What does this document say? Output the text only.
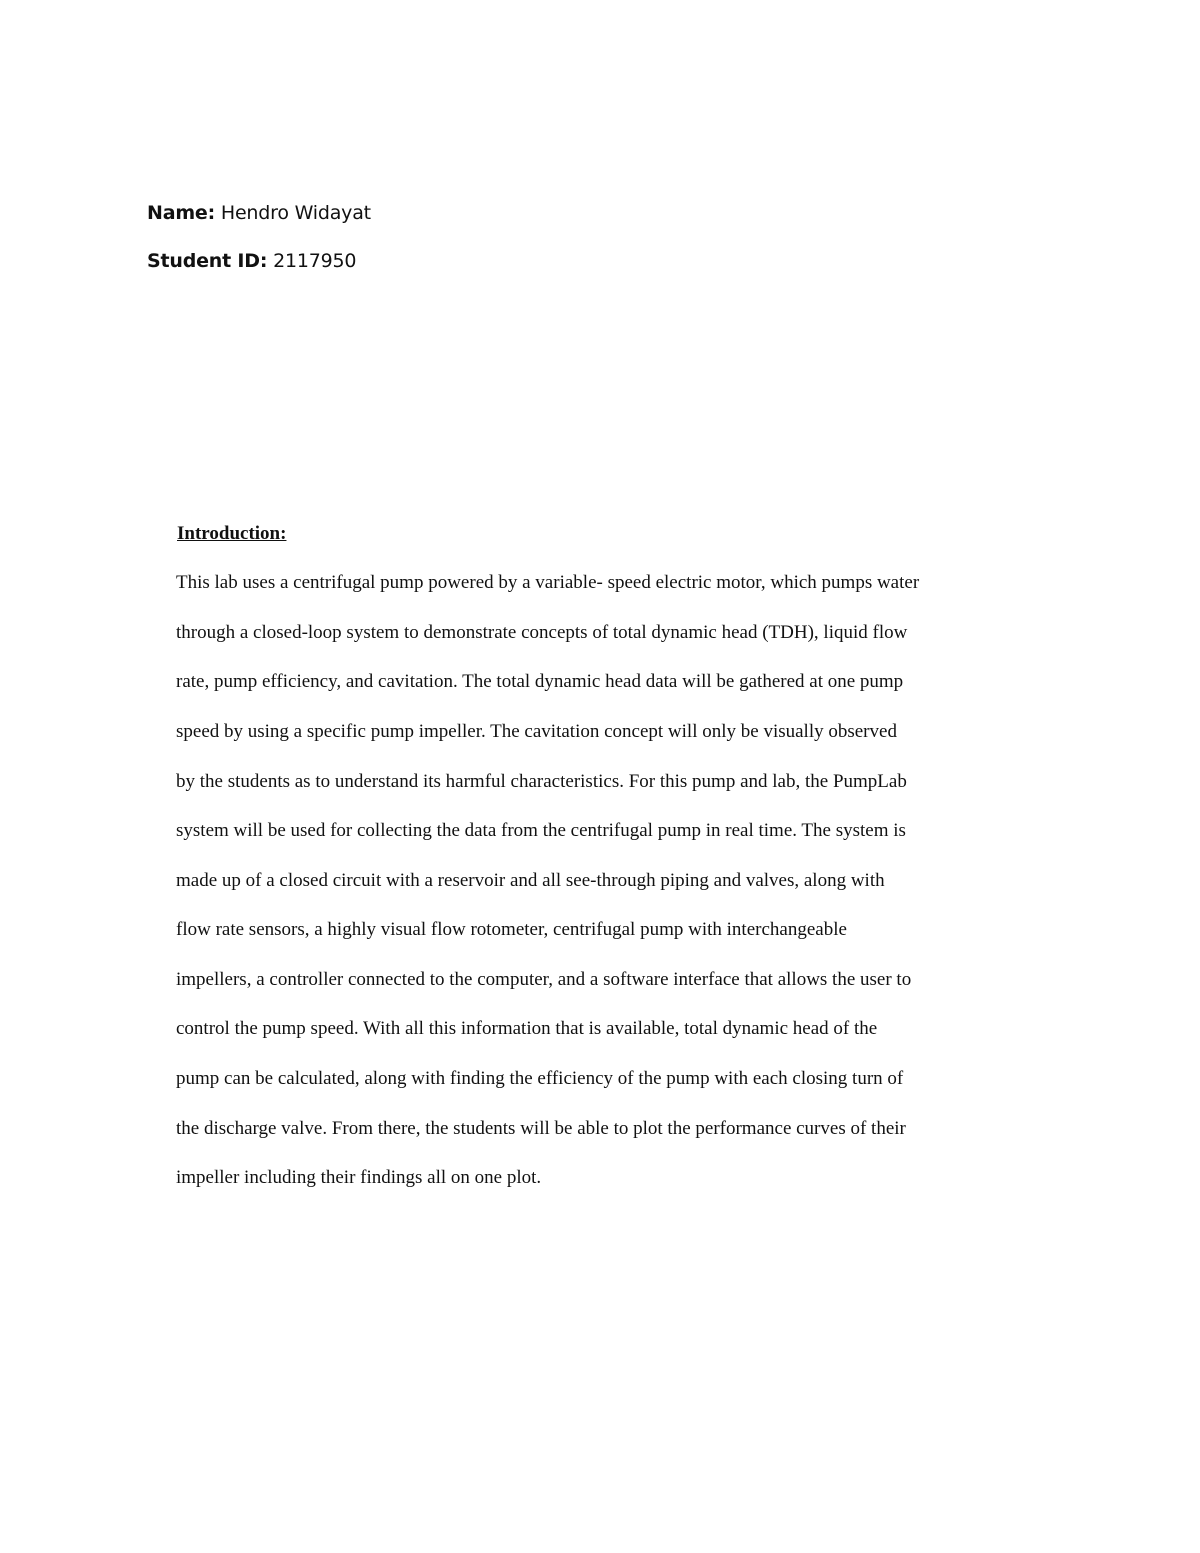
Name: Hendro Widayat
Student ID: 2117950
Introduction:
This lab uses a centrifugal pump powered by a variable- speed electric motor, which pumps water
through a closed-loop system to demonstrate concepts of total dynamic head (TDH), liquid flow
rate, pump efficiency, and cavitation. The total dynamic head data will be gathered at one pump
speed by using a specific pump impeller. The cavitation concept will only be visually observed
by the students as to understand its harmful characteristics. For this pump and lab, the PumpLab
system will be used for collecting the data from the centrifugal pump in real time. The system is
made up of a closed circuit with a reservoir and all see-through piping and valves, along with
flow rate sensors, a highly visual flow rotometer, centrifugal pump with interchangeable
impellers, a controller connected to the computer, and a software interface that allows the user to
control the pump speed. With all this information that is available, total dynamic head of the
pump can be calculated, along with finding the efficiency of the pump with each closing turn of
the discharge valve. From there, the students will be able to plot the performance curves of their
impeller including their findings all on one plot.
